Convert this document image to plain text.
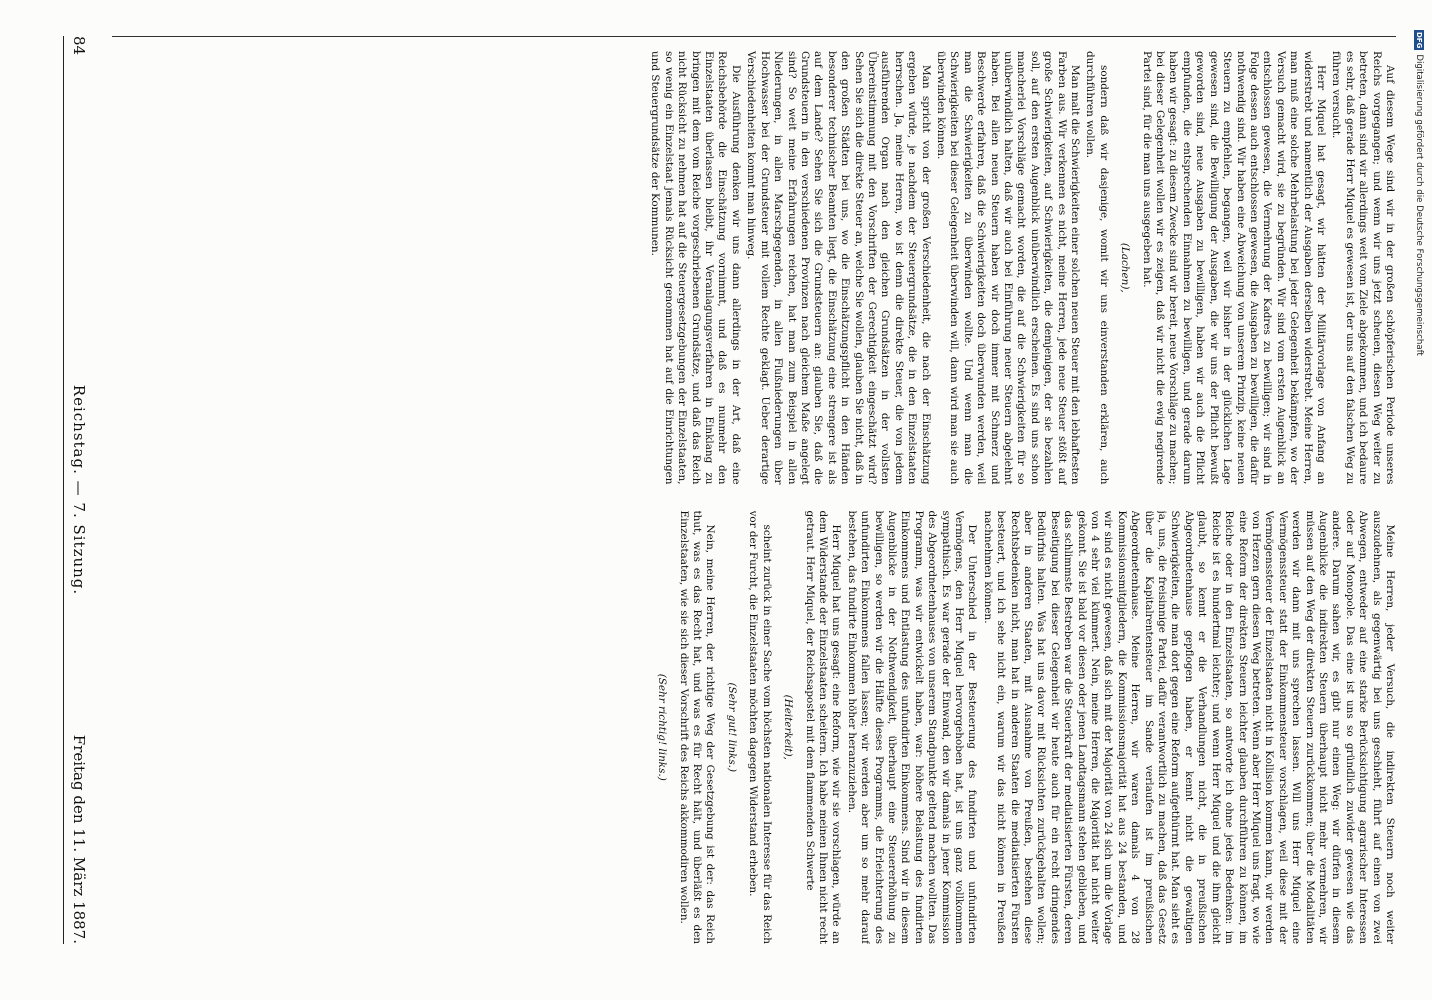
Meine Herren, jeder Versuch, die indirekten Steuern noch weiter auszudehnen, als gegenwärtig bei uns geschieht, führt auf einen von zwei Abwegen, entweder auf eine starke Berücksichtigung agrarischer Interessen oder auf Monopole. Das eine ist uns so gründlich zuwider gewesen wie das andere. Darum sahen wir, es gibt nur einen Weg: wir dürfen in diesem Augenblicke die indirekten Steuern überhaupt nicht mehr vermehren, wir müssen auf den Weg der direkten Steuern zurückkommen; über die Modalitäten werden wir dann mit uns sprechen lassen. Will uns Herr Miquel eine Vermögenssteuer statt der Einkommensteuer vorschlagen, weil diese mit der Vermögenssteuer der Einzelstaaten nicht in Kollision kommen kann, wir werden von Herzen gern diesen Weg betreten. Wenn aber Herr Miquel uns fragt, wo wie eine Reform der direkten Steuern leichter glauben durchführen zu können, im Reiche oder in den Einzelstaaten, so antworte ich ohne jedes Bedenken: im Reiche ist es hundertmal leichter; und wenn Herr Miquel und die ihm gleicht glaubt, so kennt er die Verhandlungen nicht, die in preußischen Abgeordnetenhause gepflogen haben, er kennt nicht die gewaltigen Schwierigkeiten, die man dort gegen eine Reform aufgethürmt hat. Man sieht es ja, uns, die freisinnige Partei, dafür verantwortlich zu machen, daß das Gesetz über die Kapitalrentensteuer im Sande verlaufen ist im preußischen Abgeordnetenhause. Meine Herren, wir waren damals 4 von 28 Kommissionsmitgliedern, die Kommissionsmajorität hat aus 24 bestanden, und wir sind es nicht gewesen, daß sich mit der Majorität von 24 sich um die Vorlage von 4 sehr viel kümmert. Nein, meine Herren, die Majorität hat nicht weiter gekonnt. Sie ist bald vor diesen oder jenen Landtagsmann stehen geblieben, und das schlimmste Bestreben war die Steuerkraft der mediatisierten Fürsten, deren Beseitigung bei dieser Gelegenheit wir heute auch für ein recht dringendes Bedürfnis halten. Was hat uns davor mit Rücksichten zurückgehalten wollen; aber in anderen Staaten, mit Ausnahme von Preußen, bestehen diese Rechtsbedenken nicht, man hat in anderen Staaten die mediatisierten Fürsten besteuert, und ich sehe nicht ein, warum wir das nicht können in Preußen nachnehmen können.

Der Unterschied in der Besteuerung des fundirten und unfundirten Vermögens, den Herr Miquel hervorgehoben hat, ist uns ganz vollkommen sympathisch. Es war gerade der Einwand, den wir damals in jener Kommission des Abgeordnetenhauses von unserem Standpunkte geltend machen wollten. Das Programm, was wir entwickelt haben, war: höhere Belastung des fundirten Einkommens und Entlastung des unfundirten Einkommens. Sind wir in diesem Augenblicke in der Nothwendigkeit, überhaupt eine Steuererhöhung zu bewilligen, so werden wir die Hälfte dieses Programms, die Erleichterung des unfundirten Einkommens fallen lassen; wir werden aber um so mehr darauf bestehen, das fundirte Einkommen höher heranzuziehen.

Herr Miquel hat uns gesagt: eine Reform, wie wir sie vorschlagen, würde an dem Widerstande der Einzelstaaten scheitern. Ich habe meinen Ihnen nicht recht getraut. Herr Miquel, der Reichsapostel mit dem flammenden Schwerte

(Heiterkeit),

scheint zurück in einer Sache vom höchsten nationalen Interesse für das Reich vor der Furcht, die Einzelstaaten möchten dagegen Widerstand erheben.

(Sehr gut! links.)

Nein, meine Herren, der richtige Weg der Gesetzgebung ist der: das Reich thut, was es das Recht hat, und was es für Recht hält, und überläßt es den Einzelstaaten, wie sie sich dieser Vorschrift des Reichs akkommodiren wollen.

(Sehr richtig! links.)

Auf diesem Wege sind wir in der großen schöpferischen Periode unseres Reichs vorgegangen; und wenn wir uns jetzt scheuen, diesen Weg weiter zu betreten, dann sind wir allerdings weit vom Ziele abgekommen, und ich bedaure es sehr, daß gerade Herr Miquel es gewesen ist, der uns auf den falschen Weg zu führen versucht.

Herr Miquel hat gesagt, wir hätten der Militärvorlage von Anfang an widerstrebt und namentlich der Ausgaben derselben widerstrebt. Meine Herren, man muß eine solche Mehrbelastung bei jeder Gelegenheit bekämpfen, wo der Versuch gemacht wird, sie zu begründen. Wir sind vom ersten Augenblick an entschlossen gewesen, die Vermehrung der Kadres zu bewilligen; wir sind in Folge dessen auch entschlossen gewesen, die Ausgaben zu bewilligen, die dafür nothwendig sind. Wir haben eine Abweichung von unserem Prinzip, keine neuen Steuern zu empfehlen, begangen, weil wir bisher in der glücklichen Lage gewesen sind, die Bewilligung der Ausgaben, die wir uns der Pflicht bewußt geworden sind, neue Ausgaben zu bewilligen, haben wir auch die Pflicht empfunden, die entsprechenden Einnahmen zu bewilligen, und gerade darum haben wir gesagt: zu diesem Zwecke sind wir bereit, neue Vorschläge zu machen; bei dieser Gelegenheit wollen wir es zeigen, daß wir nicht die ewig negirende Partei sind, für die man uns ausgegeben hat.

(Lachen),

sondern daß wir dasjenige, womit wir uns einverstanden erklären, auch durchführen wollen.

Man malt die Schwierigkeiten einer solchen neuen Steuer mit den lebhaftesten Farben aus. Wir verkennen es nicht, meine Herren, jede neue Steuer stößt auf große Schwierigkeiten, auf Schwierigkeiten, die demjenigen, der sie bezahlen soll, auf den ersten Augenblick unüberwindlich erscheinen. Es sind uns schon mancherlei Vorschläge gemacht worden, die auf die Schwierigkeiten für so unüberwindlich halten, daß wir auch bei Einführung neuer Steuern abgelehnt haben. Bei allen neuen Steuern haben wir doch immer mit Schmerz und Beschwerde erfahren, daß die Schwierigkeiten doch überwunden werden, weil man die Schwierigkeiten zu überwinden wollte. Und wenn man die Schwierigkeiten bei dieser Gelegenheit überwinden will, dann wird man sie auch überwinden können.

Man spricht von der großen Verschiedenheit, die nach der Einschätzung ergeben würde, je nachdem der Steuergrundsätze, die in den Einzelstaaten herrschen. Ja, meine Herren, wo ist denn die direkte Steuer, die von jedem ausführenden Organ nach den gleichen Grundsätzen in der vollsten Übereinstimmung mit den Vorschriften der Gerechtigkeit eingeschätzt wird? Sehen Sie sich die direkte Steuer an, welche Sie wollen, glauben Sie nicht, daß in den großen Städten bei uns, wo die Einschätzungspflicht in den Händen besonderer technischer Beamten liegt, die Einschätzung eine strengere ist als auf dem Lande? Sehen Sie sich die Grundsteuern an: glauben Sie, daß die Grundsteuern in den verschiedenen Provinzen nach gleichem Maße angelegt sind? So weit meine Erfahrungen reichen, hat man zum Beispiel in allen Niederungen, in allen Marschgegenden, in allen Flußniederungen über Hochwasser bei der Grundsteuer mit vollem Rechte geklagt. Ueber derartige Verschiedenheiten kommt man hinweg.

Die Ausführung denken wir uns dann allerdings in der Art, daß eine Reichsbehörde die Einschätzung vornimmt, und daß es nunmehr den Einzelstaaten überlassen bleibt, ihr Veranlagungsverfahren in Einklang zu bringen mit dem vom Reiche vorgeschriebenen Grundsätze, und daß das Reich nicht Rücksicht zu nehmen hat auf die Steuergesetzgebungen der Einzelstaaten, so wenig ein Einzelstaat jemals Rücksicht genommen hat auf die Einrichtungen und Steuergrundsätze der Kommunen.

84
Reichstag. — 7. Sitzung.
Freitag den 11. März 1887.
DFG
Digitalisierung gefördert durch die Deutsche Forschungsgemeinschaft
